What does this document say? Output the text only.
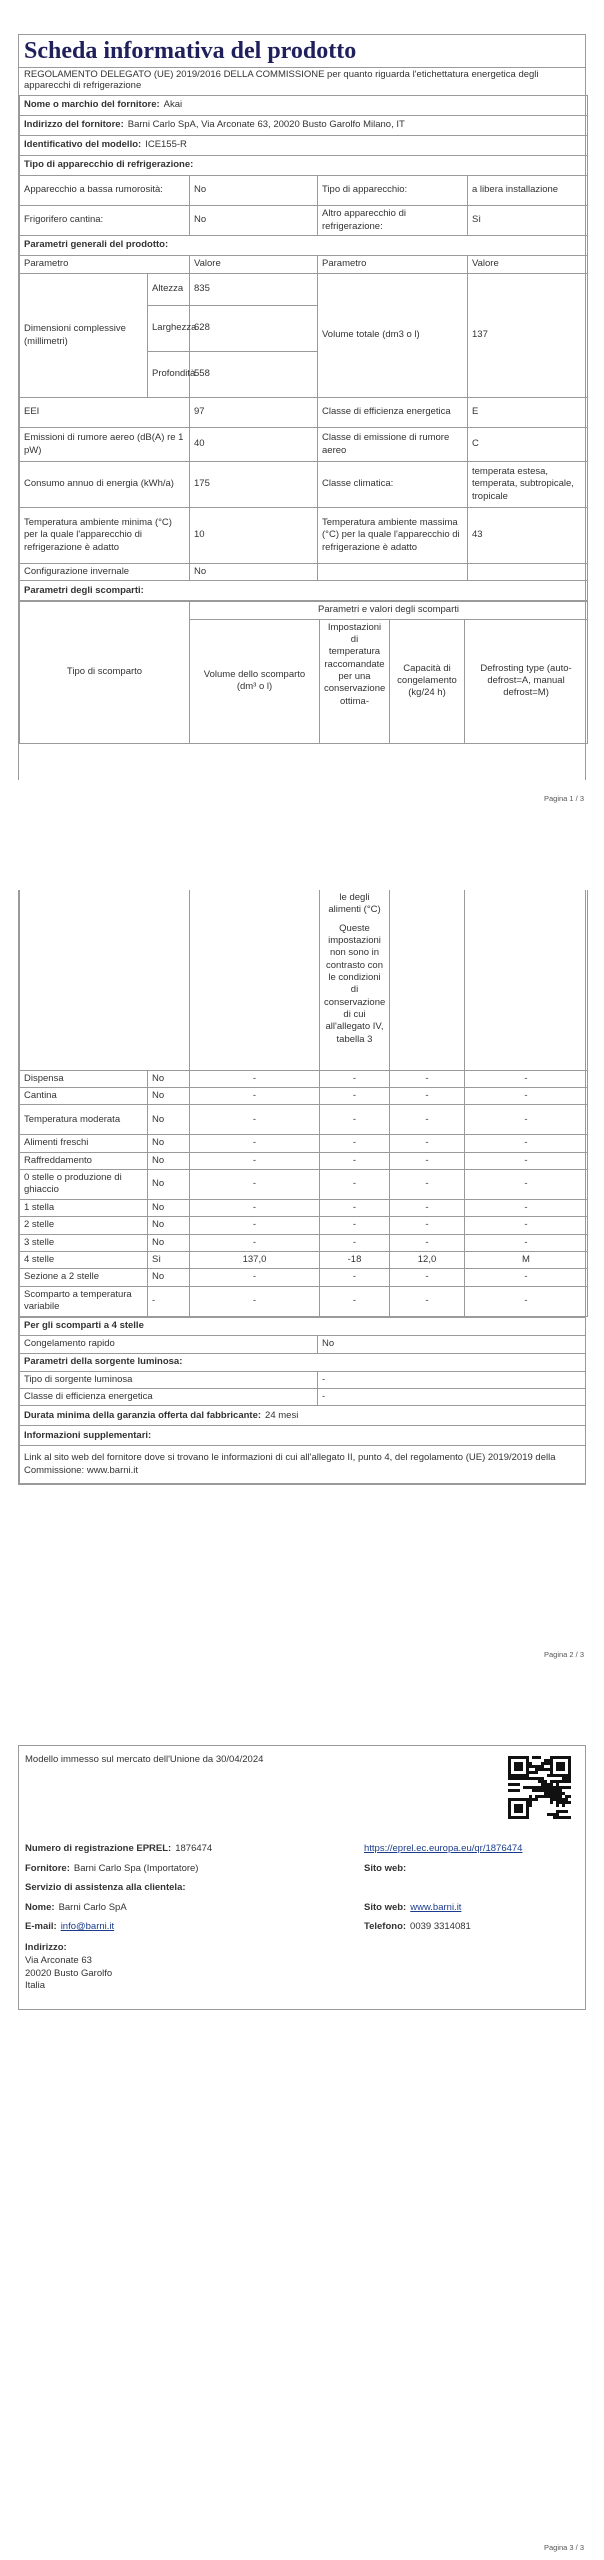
Scheda informativa del prodotto
REGOLAMENTO DELEGATO (UE) 2019/2016 DELLA COMMISSIONE per quanto riguarda l'etichettatura energetica degli apparecchi di refrigerazione
Nome o marchio del fornitore: Akai				
Indirizzo del fornitore: Barni Carlo SpA, Via Arconate 63, 20020 Busto Garolfo Milano, IT				
Identificativo del modello: ICE155-R				
Tipo di apparecchio di refrigerazione:				
Apparecchio a bassa rumorosità:		No	Tipo di apparecchio:	a libera installazione
Frigorifero cantina:		No	Altro apparecchio di refrigerazione:	Sì
Parametri generali del prodotto:				
Parametro		Valore	Parametro	Valore
Dimensioni complessive (millimetri)	Altezza	835	Volume totale (dm3 o l)	137
	Larghezza	628		
	Profondità	558		
EEI		97	Classe di efficienza energetica	E
Emissioni di rumore aereo (dB(A) re 1 pW)		40	Classe di emissione di rumore aereo	C
Consumo annuo di energia (kWh/a)		175	Classe climatica:	temperata estesa, temperata, subtropicale, tropicale
Temperatura ambiente minima (°C) per la quale l'apparecchio di refrigerazione è adatto		10	Temperatura ambiente massima (°C) per la quale l'apparecchio di refrigerazione è adatto	43
Configurazione invernale		No		
Parametri degli scomparti:				
Tipo di scomparto	Parametri e valori degli scomparti			
	Volume dello scomparto (dm³ o l)	Impostazioni di temperatura raccomandate per una conservazione ottima-	Capacità di congelamento (kg/24 h)	Defrosting type (auto-defrost=A, manual defrost=M)
Pagina 1 / 3

			le degli alimenti (°C)
Queste impostazioni non sono in contrasto con le condizioni di conservazione di cui all'allegato IV, tabella 3		

Dispensa	No	-	-	-	-
Cantina	No	-	-	-	-
Temperatura moderata	No	-	-	-	-
Alimenti freschi	No	-	-	-	-
Raffreddamento	No	-	-	-	-
0 stelle o produzione di ghiaccio	No	-	-	-	-
1 stella	No	-	-	-	-
2 stelle	No	-	-	-	-
3 stelle	No	-	-	-	-
4 stelle	Sì	137,0	-18	12,0	M
Sezione a 2 stelle	No	-	-	-	-
Scomparto a temperatura variabile	-	-	-	-	-
Per gli scomparti a 4 stelle	
Congelamento rapido	No
Parametri della sorgente luminosa:	
Tipo di sorgente luminosa	-
Classe di efficienza energetica	-
Durata minima della garanzia offerta dal fabbricante: 24 mesi	
Informazioni supplementari:	
Link al sito web del fornitore dove si trovano le informazioni di cui all'allegato II, punto 4, del regolamento (UE) 2019/2019 della Commissione: www.barni.it	
Pagina 2 / 3
Modello immesso sul mercato dell'Unione da 30/04/2024
Numero di registrazione EPREL: 1876474	https://eprel.ec.europa.eu/qr/1876474
Fornitore: Barni Carlo Spa (Importatore)	Sito web:
Servizio di assistenza alla clientela:
Nome: Barni Carlo SpA	Sito web: www.barni.it
E-mail: info@barni.it	Telefono: 0039 3314081
Indirizzo:
Via Arconate 63
20020 Busto Garolfo
Italia
Pagina 3 / 3
